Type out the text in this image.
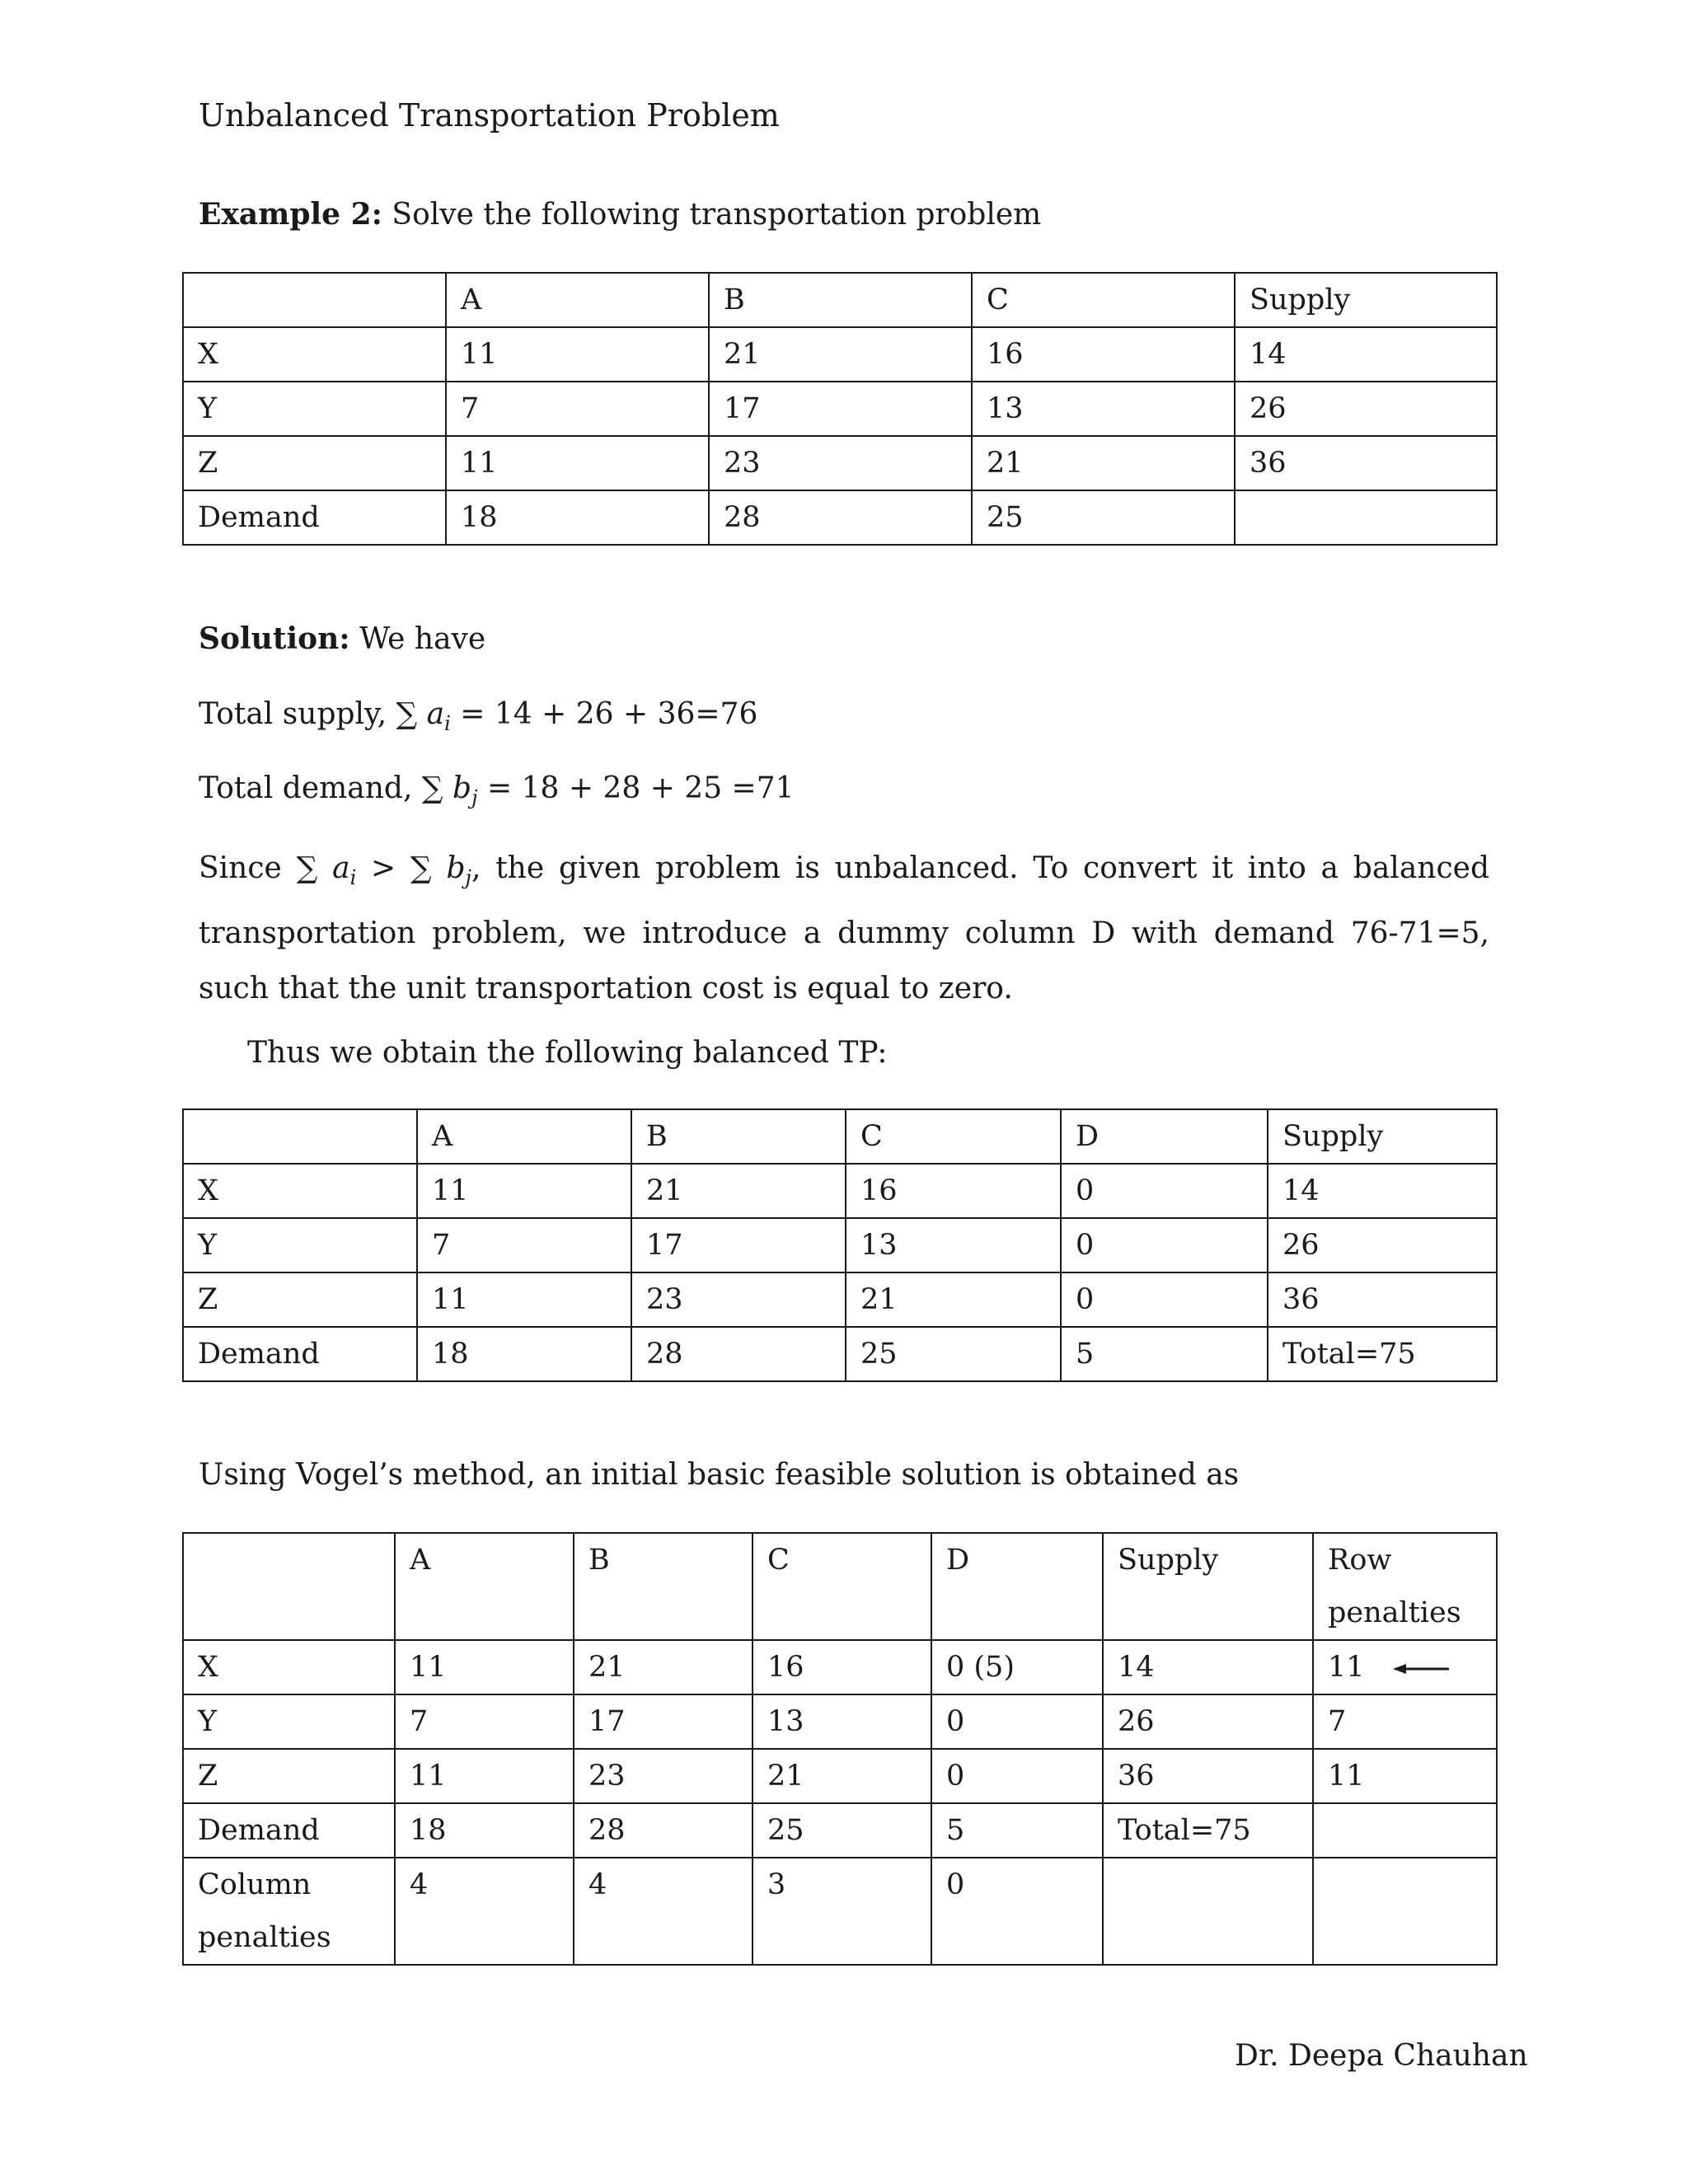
Unbalanced Transportation Problem
Example 2: Solve the following transportation problem
	A	B	C	Supply
X	11	21	16	14
Y	7	17	13	26
Z	11	23	21	36
Demand	18	28	25	
Solution: We have
Total supply, ∑ $a_i = 14 + 26 + 36=76$
Total demand, ∑ $b_j = 18 + 28 + 25 =71$
Since ∑ $a_i$ > ∑ $b_j$, the given problem is unbalanced. To convert it into a balanced transportation problem, we introduce a dummy column D with demand 76-71=5, such that the unit transportation cost is equal to zero.
Thus we obtain the following balanced TP:
	A	B	C	D	Supply
X	11	21	16	0	14
Y	7	17	13	0	26
Z	11	23	21	0	36
Demand	18	28	25	5	Total=75
Using Vogel’s method, an initial basic feasible solution is obtained as
	A	B	C	D	Supply	Row penalties
X	11	21	16	0 (5)	14	11
Y	7	17	13	0	26	7
Z	11	23	21	0	36	11
Demand	18	28	25	5	Total=75	
Column penalties	4	4	3	0		
Dr. Deepa Chauhan
